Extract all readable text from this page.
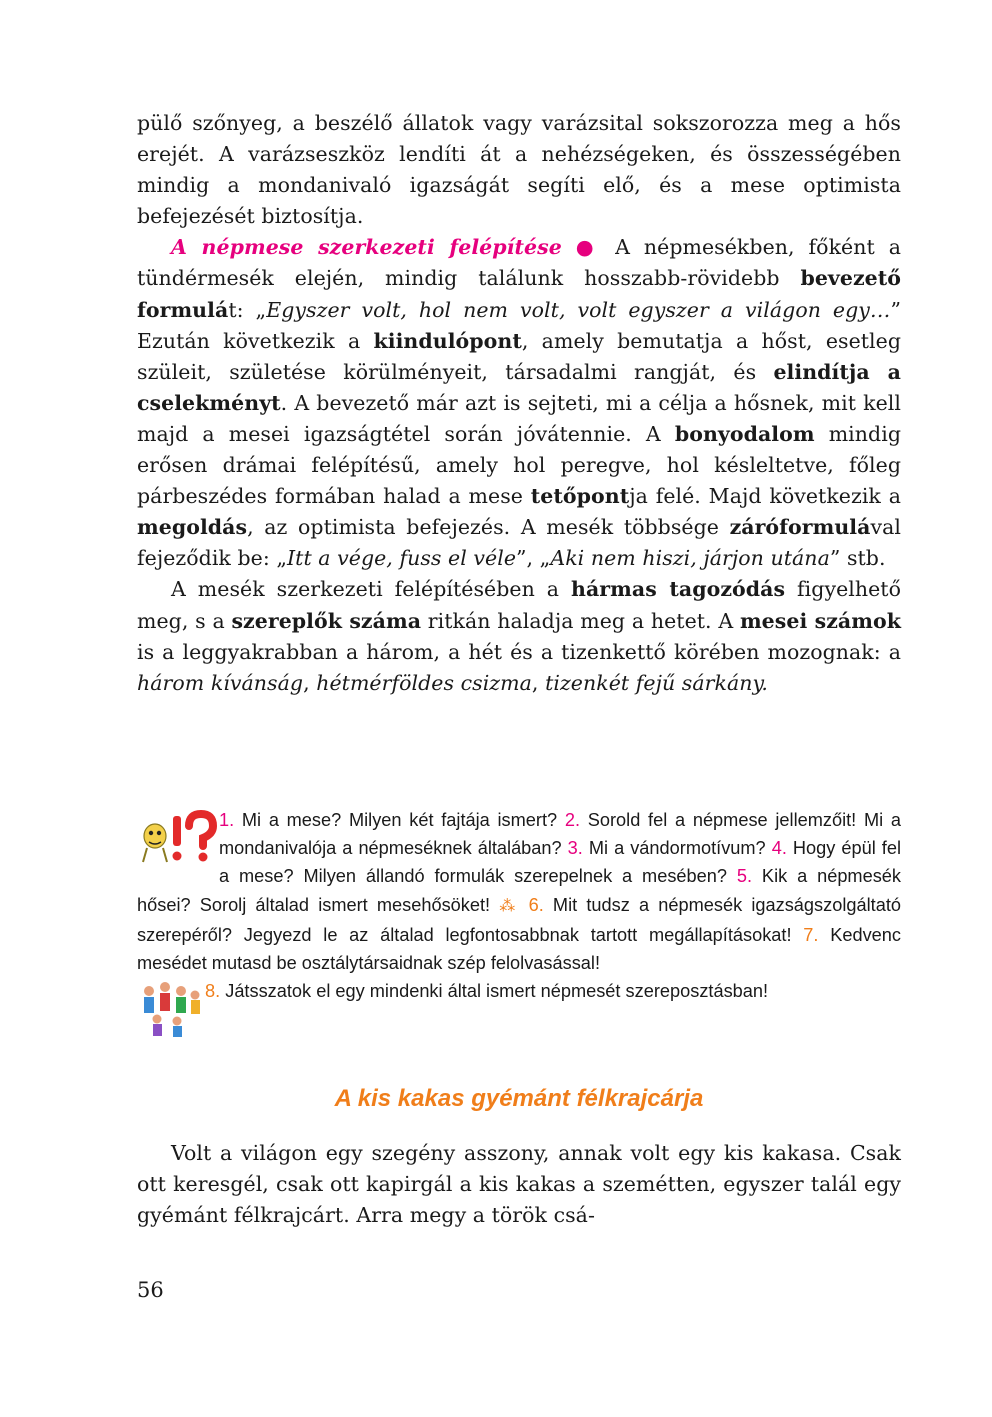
pülő szőnyeg, a beszélő állatok vagy varázsital sokszorozza meg a hős erejét. A varázseszköz lendíti át a nehézségeken, és összességében mindig a mondanivaló igazságát segíti elő, és a mese optimista befejezését biztosítja.

A népmese szerkezeti felépítése ● A népmesékben, főként a tündérmesék elején, mindig találunk hosszabb-rövidebb bevezető formulát: „Egyszer volt, hol nem volt, volt egyszer a világon egy…” Ezután következik a kiindulópont, amely bemutatja a hőst, esetleg szüleit, születése körülményeit, társadalmi rangját, és elindítja a cselekményt. A bevezető már azt is sejteti, mi a célja a hősnek, mit kell majd a mesei igazságtétel során jóvátennie. A bonyodalom mindig erősen drámai felépítésű, amely hol peregve, hol késleltetve, főleg párbeszédes formában halad a mese tetőpontja felé. Majd következik a megoldás, az optimista befejezés. A mesék többsége záróformulával fejeződik be: „Itt a vége, fuss el véle”, „Aki nem hiszi, járjon utána” stb.

A mesék szerkezeti felépítésében a hármas tagozódás figyelhető meg, s a szereplők száma ritkán haladja meg a hetet. A mesei számok is a leggyakrabban a három, a hét és a tizenkettő körében mozognak: a három kívánság, hétmérföldes csizma, tizenkét fejű sárkány.

1. Mi a mese? Milyen két fajtája ismert? 2. Sorold fel a népmese jellemzőit! Mi a mondanivalója a népmeséknek általában? 3. Mi a vándormotívum? 4. Hogy épül fel a mese? Milyen állandó formulák szerepelnek a mesében? 5. Kik a népmesék hősei? Sorolj általad ismert mesehősöket! ⁂ 6. Mit tudsz a népmesék igazságszolgáltató szerepéről? Jegyezd le az általad legfontosabbnak tartott megállapításokat! 7. Kedvenc mesédet mutasd be osztálytársaidnak szép felolvasással!

8. Játsszatok el egy mindenki által ismert népmesét szereposztásban!

A kis kakas gyémánt félkrajcárja

Volt a világon egy szegény asszony, annak volt egy kis kakasa. Csak ott keresgél, csak ott kapirgál a kis kakas a szemétten, egyszer talál egy gyémánt félkrajcárt. Arra megy a török csá-

56
